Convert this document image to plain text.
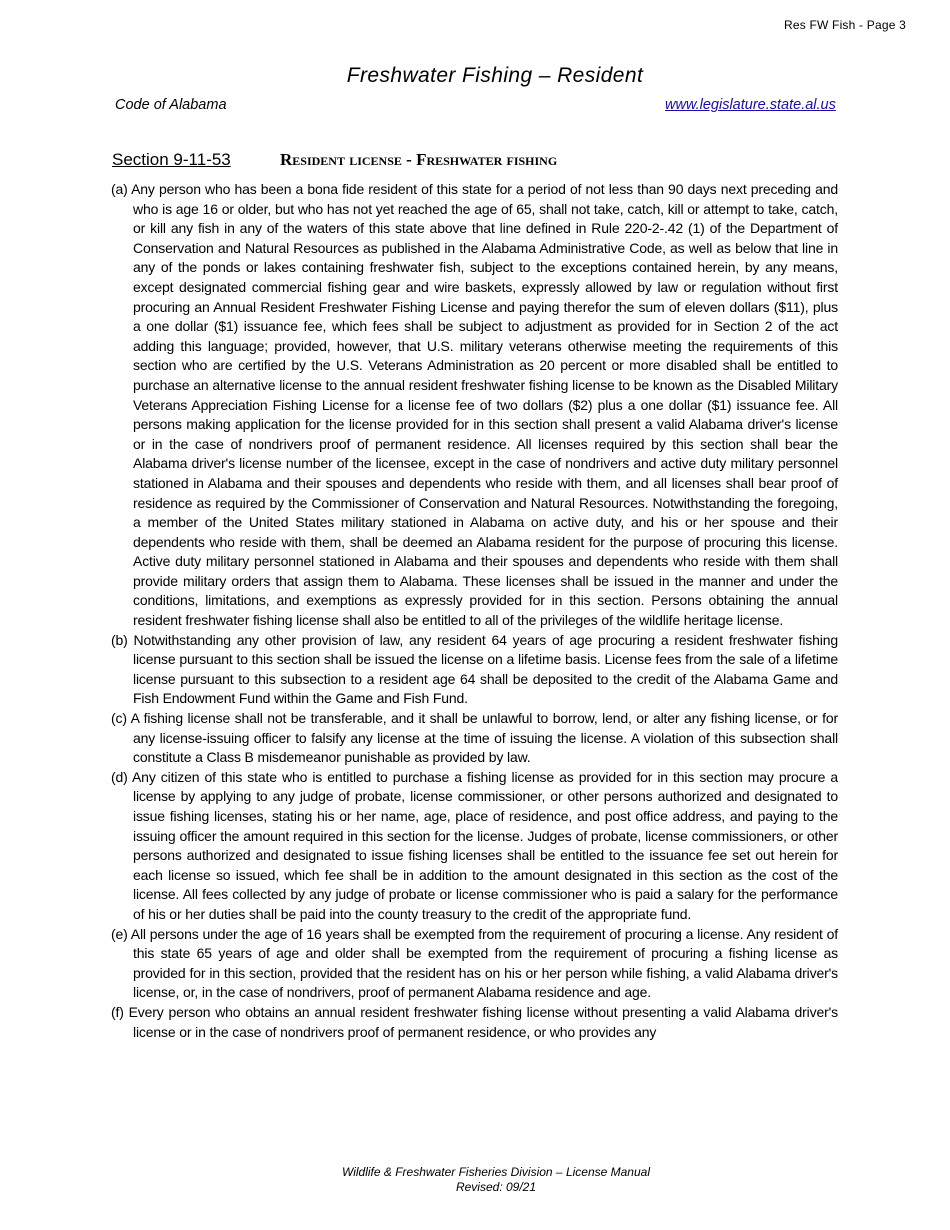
Res FW Fish - Page 3
Freshwater Fishing – Resident
Code of Alabama	www.legislature.state.al.us
Section 9-11-53	Resident license - Freshwater fishing

(a) Any person who has been a bona fide resident of this state for a period of not less than 90 days next preceding and who is age 16 or older, but who has not yet reached the age of 65, shall not take, catch, kill or attempt to take, catch, or kill any fish in any of the waters of this state above that line defined in Rule 220-2-.42 (1) of the Department of Conservation and Natural Resources as published in the Alabama Administrative Code, as well as below that line in any of the ponds or lakes containing freshwater fish, subject to the exceptions contained herein, by any means, except designated commercial fishing gear and wire baskets, expressly allowed by law or regulation without first procuring an Annual Resident Freshwater Fishing License and paying therefor the sum of eleven dollars ($11), plus a one dollar ($1) issuance fee, which fees shall be subject to adjustment as provided for in Section 2 of the act adding this language; provided, however, that U.S. military veterans otherwise meeting the requirements of this section who are certified by the U.S. Veterans Administration as 20 percent or more disabled shall be entitled to purchase an alternative license to the annual resident freshwater fishing license to be known as the Disabled Military Veterans Appreciation Fishing License for a license fee of two dollars ($2) plus a one dollar ($1) issuance fee. All persons making application for the license provided for in this section shall present a valid Alabama driver's license or in the case of nondrivers proof of permanent residence. All licenses required by this section shall bear the Alabama driver's license number of the licensee, except in the case of nondrivers and active duty military personnel stationed in Alabama and their spouses and dependents who reside with them, and all licenses shall bear proof of residence as required by the Commissioner of Conservation and Natural Resources. Notwithstanding the foregoing, a member of the United States military stationed in Alabama on active duty, and his or her spouse and their dependents who reside with them, shall be deemed an Alabama resident for the purpose of procuring this license. Active duty military personnel stationed in Alabama and their spouses and dependents who reside with them shall provide military orders that assign them to Alabama. These licenses shall be issued in the manner and under the conditions, limitations, and exemptions as expressly provided for in this section. Persons obtaining the annual resident freshwater fishing license shall also be entitled to all of the privileges of the wildlife heritage license.

(b) Notwithstanding any other provision of law, any resident 64 years of age procuring a resident freshwater fishing license pursuant to this section shall be issued the license on a lifetime basis. License fees from the sale of a lifetime license pursuant to this subsection to a resident age 64 shall be deposited to the credit of the Alabama Game and Fish Endowment Fund within the Game and Fish Fund.

(c) A fishing license shall not be transferable, and it shall be unlawful to borrow, lend, or alter any fishing license, or for any license-issuing officer to falsify any license at the time of issuing the license. A violation of this subsection shall constitute a Class B misdemeanor punishable as provided by law.

(d) Any citizen of this state who is entitled to purchase a fishing license as provided for in this section may procure a license by applying to any judge of probate, license commissioner, or other persons authorized and designated to issue fishing licenses, stating his or her name, age, place of residence, and post office address, and paying to the issuing officer the amount required in this section for the license. Judges of probate, license commissioners, or other persons authorized and designated to issue fishing licenses shall be entitled to the issuance fee set out herein for each license so issued, which fee shall be in addition to the amount designated in this section as the cost of the license. All fees collected by any judge of probate or license commissioner who is paid a salary for the performance of his or her duties shall be paid into the county treasury to the credit of the appropriate fund.

(e) All persons under the age of 16 years shall be exempted from the requirement of procuring a license. Any resident of this state 65 years of age and older shall be exempted from the requirement of procuring a fishing license as provided for in this section, provided that the resident has on his or her person while fishing, a valid Alabama driver's license, or, in the case of nondrivers, proof of permanent Alabama residence and age.

(f) Every person who obtains an annual resident freshwater fishing license without presenting a valid Alabama driver's license or in the case of nondrivers proof of permanent residence, or who provides any

Wildlife & Freshwater Fisheries Division – License Manual
Revised: 09/21
